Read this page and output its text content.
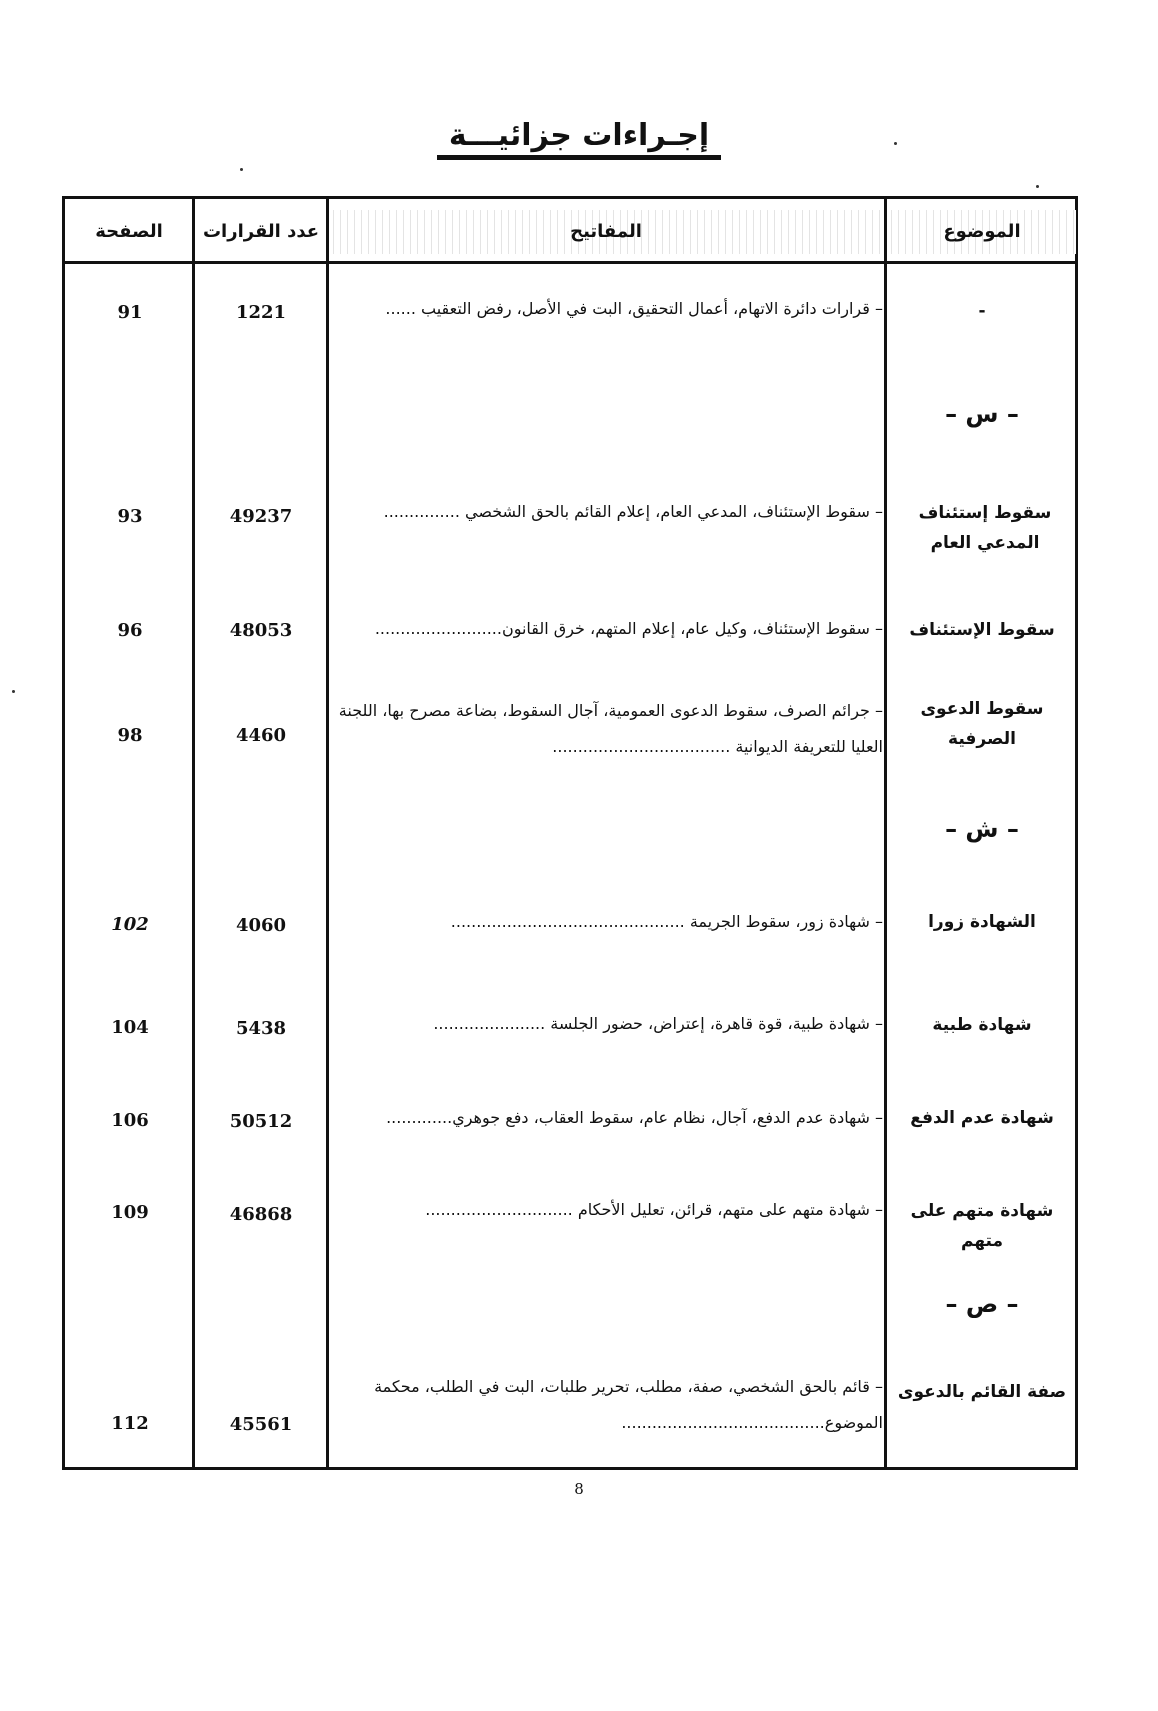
إجـراءات جزائيـــة
الموضوع
المفاتيح
عدد القرارات
الصفحة
-
– قرارات دائرة الاتهام، أعمال التحقيق، البت في الأصل، رفض التعقيب ......
1221
91
– س –
سقوط إستئناف المدعي العام
– سقوط الإستئناف، المدعي العام، إعلام القائم بالحق الشخصي ...............
49237
93
سقوط الإستئناف
– سقوط الإستئناف، وكيل عام، إعلام المتهم، خرق القانون.........................
48053
96
سقوط الدعوى الصرفية
– جرائم الصرف، سقوط الدعوى العمومية، آجال السقوط، بضاعة مصرح بها، اللجنة العليا للتعريفة الديوانية ...................................
4460
98
– ش –
الشهادة زورا
– شهادة زور، سقوط الجريمة ..............................................
4060
102
شهادة طبية
– شهادة طبية، قوة قاهرة، إعتراض، حضور الجلسة ......................
5438
104
شهادة عدم الدفع
– شهادة عدم الدفع، آجال، نظام عام، سقوط العقاب، دفع جوهري.............
50512
106
شهادة متهم على متهم
– شهادة متهم على متهم، قرائن، تعليل الأحكام .............................
46868
109
– ص –
صفة القائم بالدعوى
– قائم بالحق الشخصي، صفة، مطلب، تحرير طلبات، البت في الطلب، محكمة الموضوع........................................
45561
112
8
